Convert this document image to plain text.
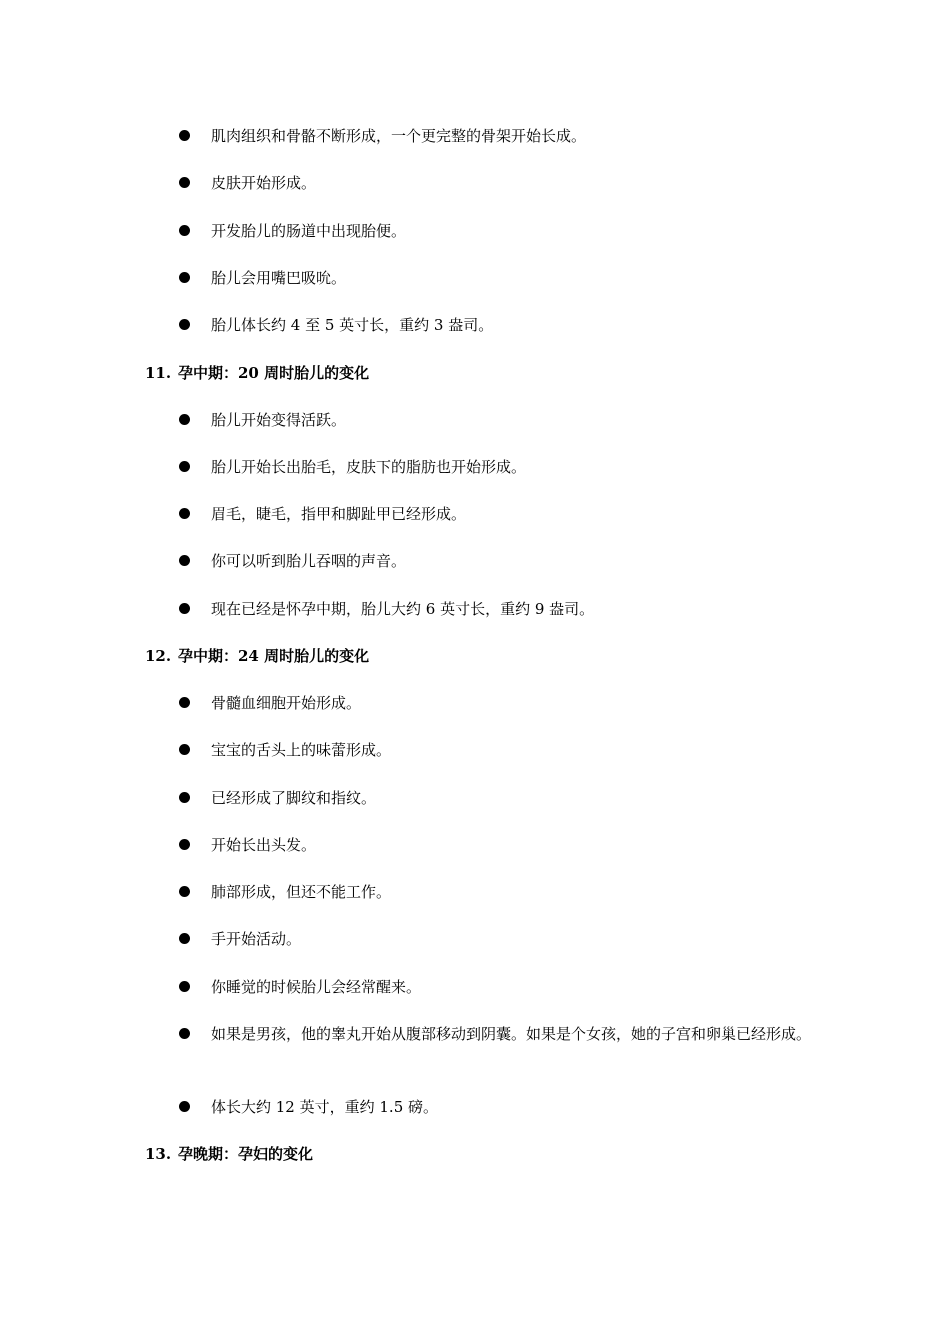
肌肉组织和骨骼不断形成，一个更完整的骨架开始长成。
皮肤开始形成。
开发胎儿的肠道中出现胎便。
胎儿会用嘴巴吸吮。
胎儿体长约 4 至 5 英寸长，重约 3 盎司。
11. 孕中期：20 周时胎儿的变化
胎儿开始变得活跃。
胎儿开始长出胎毛，皮肤下的脂肪也开始形成。
眉毛，睫毛，指甲和脚趾甲已经形成。
你可以听到胎儿吞咽的声音。
现在已经是怀孕中期，胎儿大约 6 英寸长，重约 9 盎司。
12. 孕中期：24 周时胎儿的变化
骨髓血细胞开始形成。
宝宝的舌头上的味蕾形成。
已经形成了脚纹和指纹。
开始长出头发。
肺部形成，但还不能工作。
手开始活动。
你睡觉的时候胎儿会经常醒来。
如果是男孩，他的睾丸开始从腹部移动到阴囊。如果是个女孩，她的子宫和卵巢已经形成。
体长大约 12 英寸，重约 1.5 磅。
13. 孕晚期：孕妇的变化
